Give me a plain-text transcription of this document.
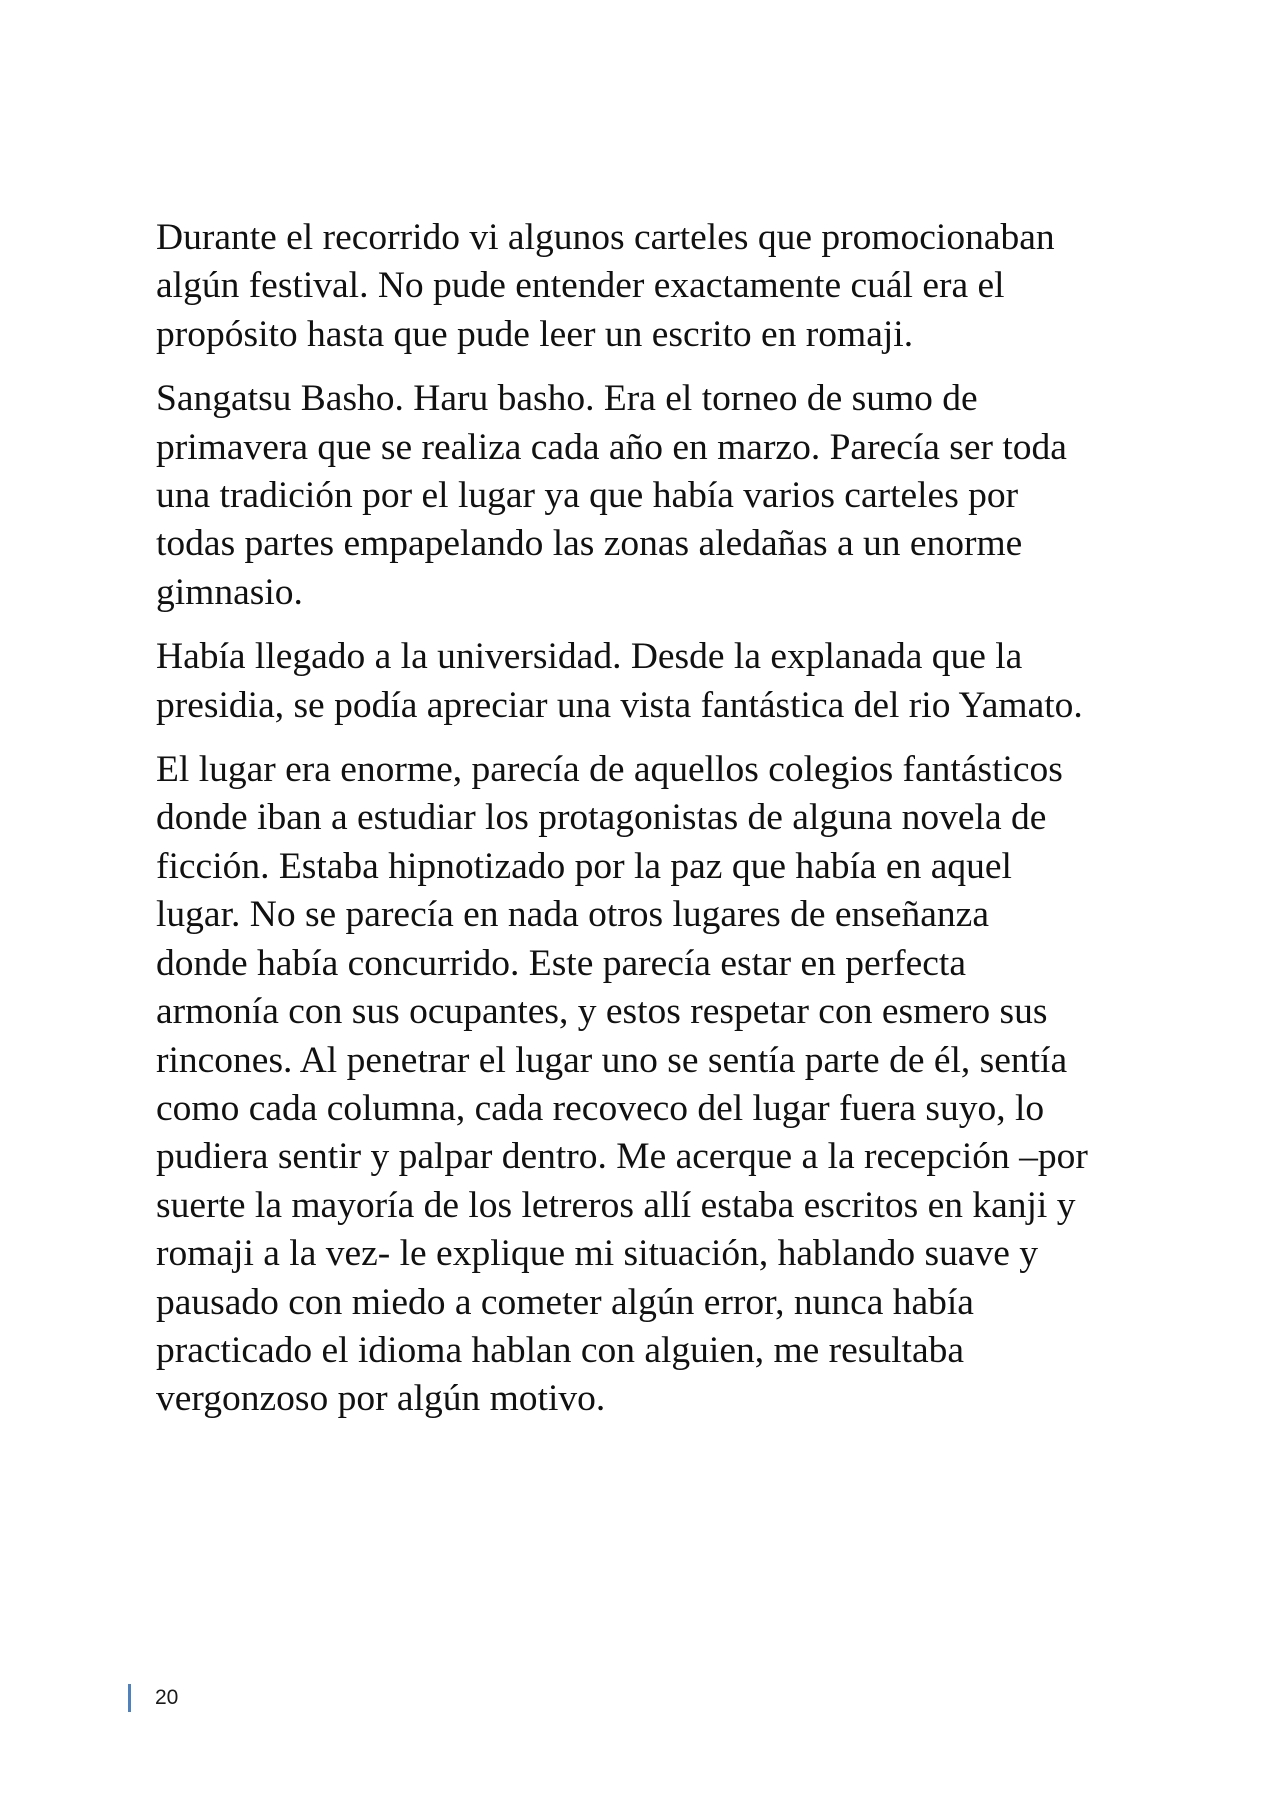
Durante el recorrido vi algunos carteles que promocionaban
algún festival. No pude entender exactamente cuál era el
propósito hasta que pude leer un escrito en romaji.

Sangatsu Basho. Haru basho. Era el torneo de sumo de
primavera que se realiza cada año en marzo. Parecía ser toda
una tradición por el lugar ya que había varios carteles por
todas partes empapelando las zonas aledañas a un enorme
gimnasio.

Había llegado a la universidad. Desde la explanada que la
presidia, se podía apreciar una vista fantástica del rio Yamato.

El lugar era enorme, parecía de aquellos colegios fantásticos
donde iban a estudiar los protagonistas de alguna novela de
ficción. Estaba hipnotizado por la paz que había en aquel
lugar. No se parecía en nada otros lugares de enseñanza
donde había concurrido. Este parecía estar en perfecta
armonía con sus ocupantes, y estos respetar con esmero sus
rincones. Al penetrar el lugar uno se sentía parte de él, sentía
como cada columna, cada recoveco del lugar fuera suyo, lo
pudiera sentir y palpar dentro. Me acerque a la recepción –por
suerte la mayoría de los letreros allí estaba escritos en kanji y
romaji a la vez- le explique mi situación, hablando suave y
pausado con miedo a cometer algún error, nunca había
practicado el idioma hablan con alguien, me resultaba
vergonzoso por algún motivo.

20
